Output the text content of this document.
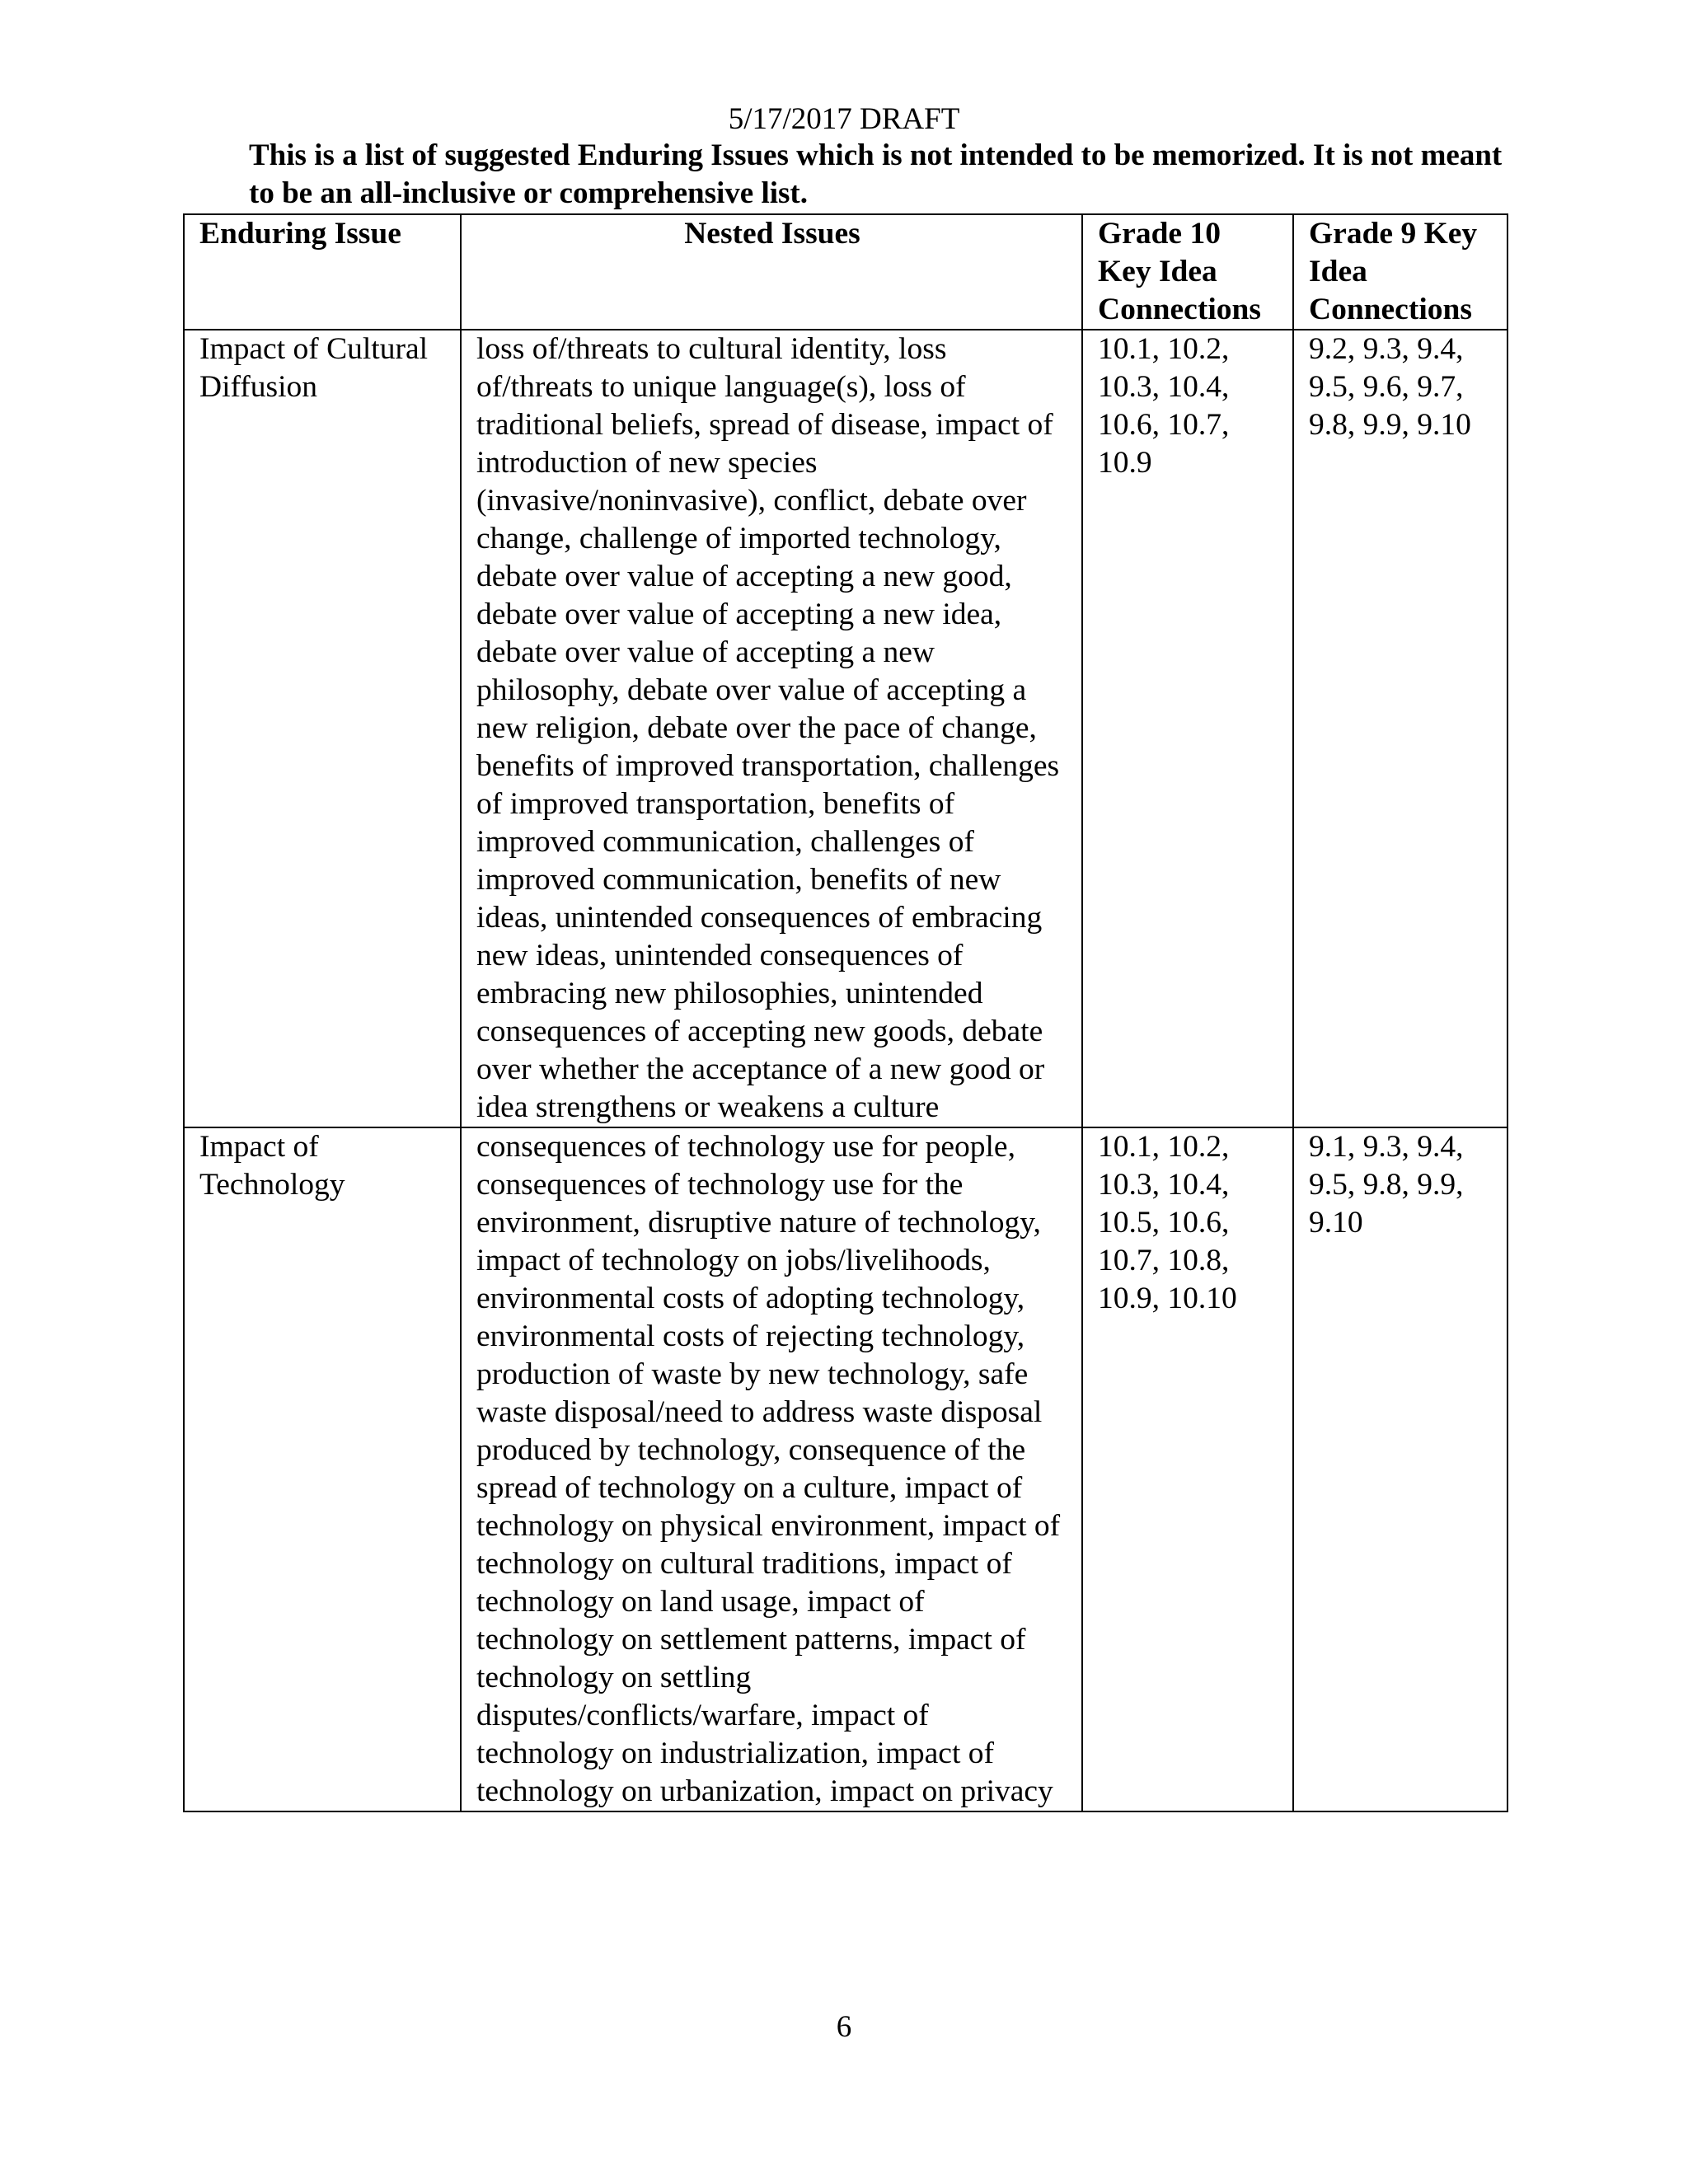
5/17/2017 DRAFT
This is a list of suggested Enduring Issues which is not intended to be memorized. It is not meant to be an all-inclusive or comprehensive list.
Enduring Issue	Nested Issues	Grade 10 Key Idea Connections	Grade 9 Key Idea Connections
Impact of Cultural Diffusion	loss of/threats to cultural identity, loss of/threats to unique language(s), loss of traditional beliefs, spread of disease, impact of introduction of new species (invasive/noninvasive), conflict, debate over change, challenge of imported technology, debate over value of accepting a new good, debate over value of accepting a new idea, debate over value of accepting a new philosophy, debate over value of accepting a new religion, debate over the pace of change, benefits of improved transportation, challenges of improved transportation, benefits of improved communication, challenges of improved communication, benefits of new ideas, unintended consequences of embracing new ideas, unintended consequences of embracing new philosophies, unintended consequences of accepting new goods, debate over whether the acceptance of a new good or idea strengthens or weakens a culture	10.1, 10.2, 10.3, 10.4, 10.6, 10.7, 10.9	9.2, 9.3, 9.4, 9.5, 9.6, 9.7, 9.8, 9.9, 9.10
Impact of Technology	consequences of technology use for people, consequences of technology use for the environment, disruptive nature of technology, impact of technology on jobs/livelihoods, environmental costs of adopting technology, environmental costs of rejecting technology, production of waste by new technology, safe waste disposal/need to address waste disposal produced by technology, consequence of the spread of technology on a culture, impact of technology on physical environment, impact of technology on cultural traditions, impact of technology on land usage, impact of technology on settlement patterns, impact of technology on settling disputes/conflicts/warfare, impact of technology on industrialization, impact of technology on urbanization, impact on privacy	10.1, 10.2, 10.3, 10.4, 10.5, 10.6, 10.7, 10.8, 10.9, 10.10	9.1, 9.3, 9.4, 9.5, 9.8, 9.9, 9.10
6
